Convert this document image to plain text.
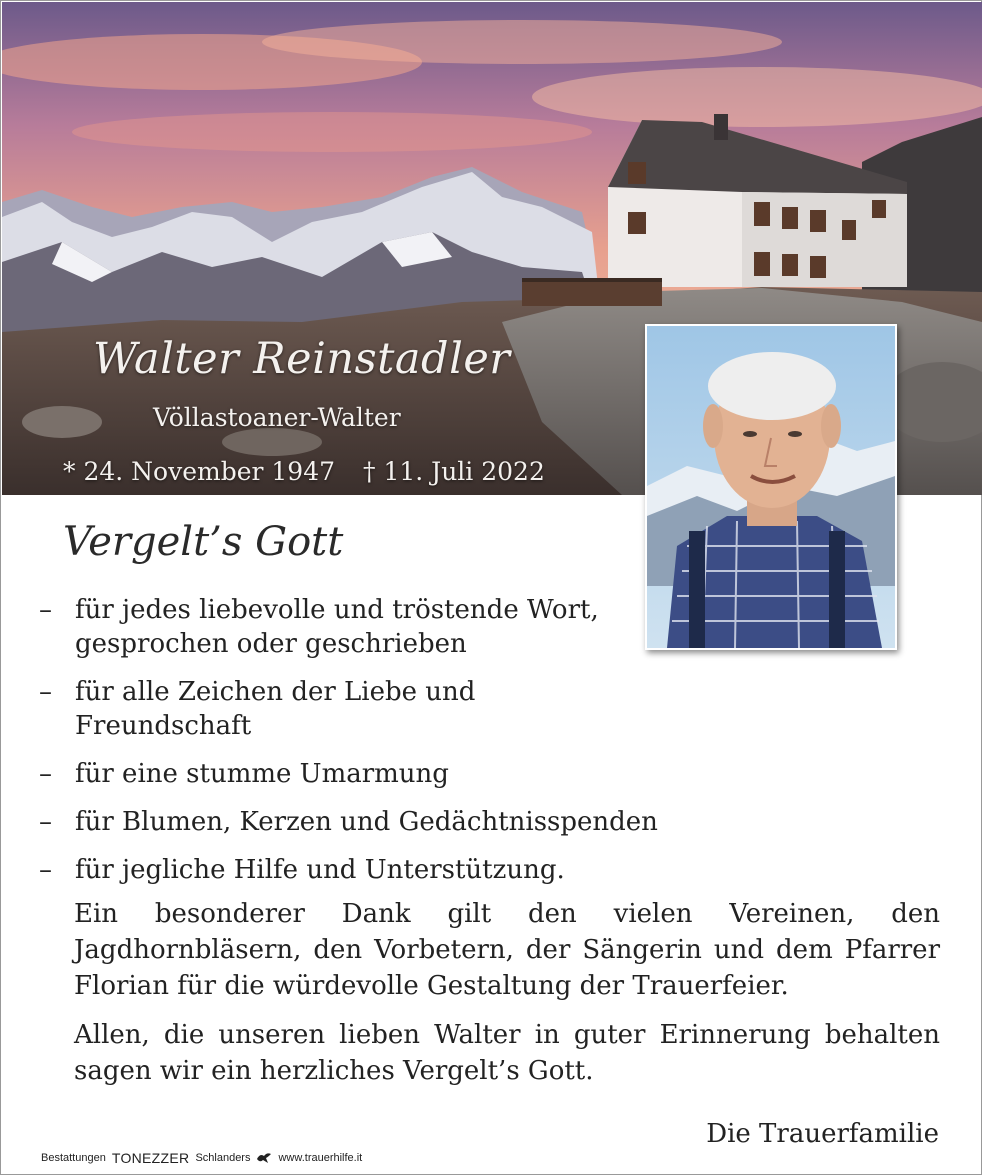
Walter Reinstadler
Völlastoaner-Walter
* 24. November 1947 † 11. Juli 2022
Vergelt’s Gott
– für jedes liebevolle und tröstende Wort, gesprochen oder geschrieben
– für alle Zeichen der Liebe und Freundschaft
– für eine stumme Umarmung
– für Blumen, Kerzen und Gedächtnisspenden
– für jegliche Hilfe und Unterstützung.

Ein besonderer Dank gilt den vielen Vereinen, den Jagdhornbläsern, den Vorbetern, der Sängerin und dem Pfarrer Florian für die würdevolle Gestaltung der Trauerfeier.

Allen, die unseren lieben Walter in guter Erinnerung behalten sagen wir ein herzliches Vergelt’s Gott.

Die Trauerfamilie
Bestattungen TONEZZER Schlanders	www.trauerhilfe.it
